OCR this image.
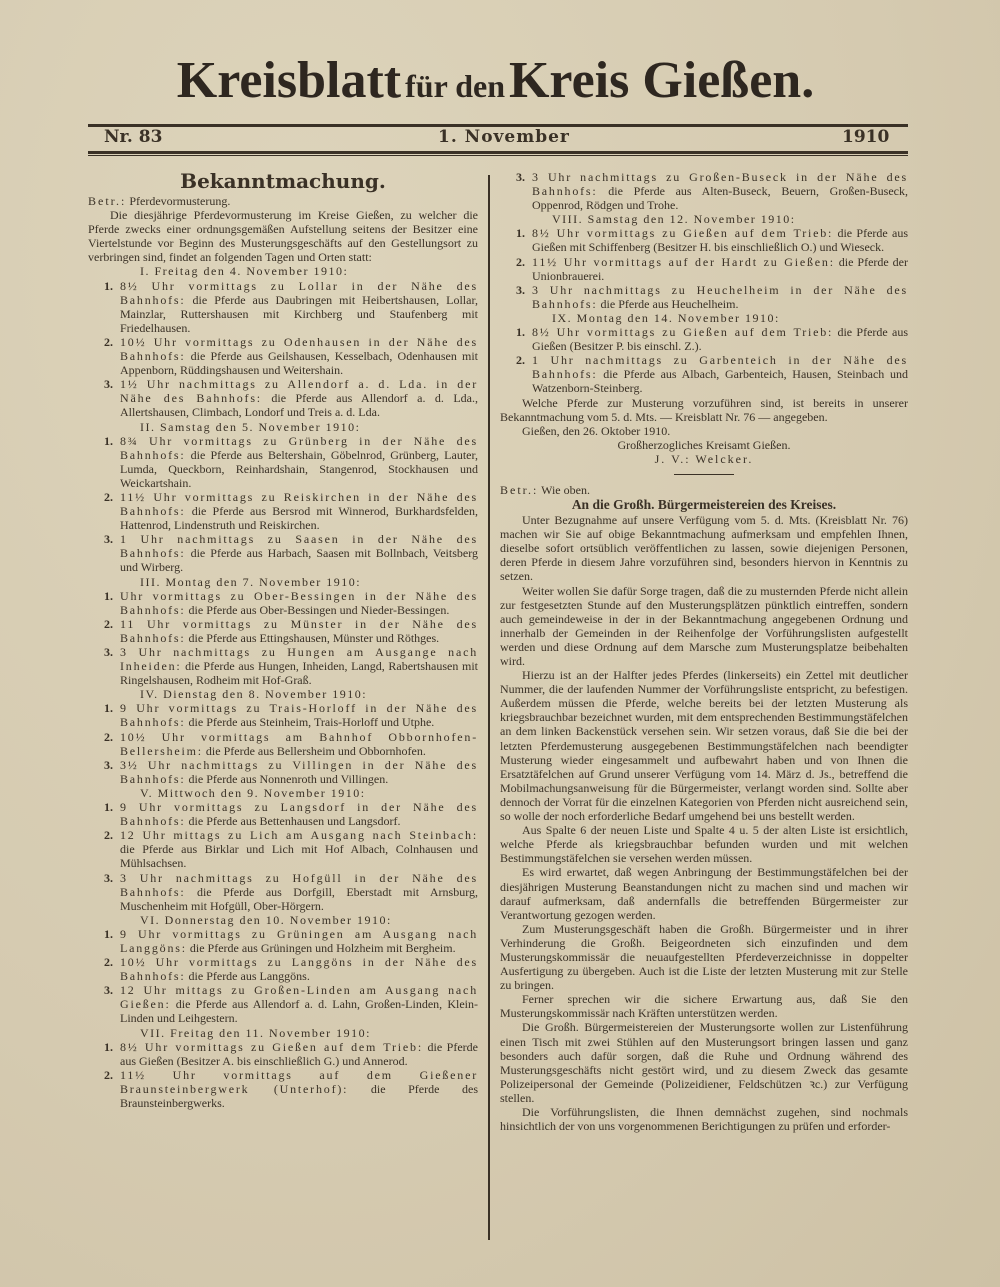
Kreisblatt für den Kreis Gießen.
Nr. 83	1. November	1910
Bekanntmachung.
Betr.: Pferdevormusterung.
Die diesjährige Pferdevormusterung im Kreise Gießen, zu welcher die Pferde zwecks einer ordnungsgemäßen Aufstellung seitens der Besitzer eine Viertelstunde vor Beginn des Musterungsgeschäfts auf den Gestellungsort zu verbringen sind, findet an folgenden Tagen und Orten statt:
I. Freitag den 4. November 1910:
1. 8½ Uhr vormittags zu Lollar in der Nähe des Bahnhofs: die Pferde aus Daubringen mit Heibertshausen, Lollar, Mainzlar, Ruttershausen mit Kirchberg und Staufenberg mit Friedelhausen.
2. 10½ Uhr vormittags zu Odenhausen in der Nähe des Bahnhofs: die Pferde aus Geilshausen, Kesselbach, Odenhausen mit Appenborn, Rüddingshausen und Weitershain.
3. 1½ Uhr nachmittags zu Allendorf a. d. Lda. in der Nähe des Bahnhofs: die Pferde aus Allendorf a. d. Lda., Allertshausen, Climbach, Londorf und Treis a. d. Lda.
II. Samstag den 5. November 1910:
1. 8¾ Uhr vormittags zu Grünberg in der Nähe des Bahnhofs: die Pferde aus Beltershain, Göbelnrod, Grünberg, Lauter, Lumda, Queckborn, Reinhardshain, Stangenrod, Stockhausen und Weickartshain.
2. 11½ Uhr vormittags zu Reiskirchen in der Nähe des Bahnhofs: die Pferde aus Bersrod mit Winnerod, Burkhardsfelden, Hattenrod, Lindenstruth und Reiskirchen.
3. 1 Uhr nachmittags zu Saasen in der Nähe des Bahnhofs: die Pferde aus Harbach, Saasen mit Bollnbach, Veitsberg und Wirberg.
III. Montag den 7. November 1910:
1. Uhr vormittags zu Ober-Bessingen in der Nähe des Bahnhofs: die Pferde aus Ober-Bessingen und Nieder-Bessingen.
2. 11 Uhr vormittags zu Münster in der Nähe des Bahnhofs: die Pferde aus Ettingshausen, Münster und Röthges.
3. 3 Uhr nachmittags zu Hungen am Ausgange nach Inheiden: die Pferde aus Hungen, Inheiden, Langd, Rabertshausen mit Ringelshausen, Rodheim mit Hof-Graß.
IV. Dienstag den 8. November 1910:
1. 9 Uhr vormittags zu Trais-Horloff in der Nähe des Bahnhofs: die Pferde aus Steinheim, Trais-Horloff und Utphe.
2. 10½ Uhr vormittags am Bahnhof Obbornhofen-Bellersheim: die Pferde aus Bellersheim und Obbornhofen.
3. 3½ Uhr nachmittags zu Villingen in der Nähe des Bahnhofs: die Pferde aus Nonnenroth und Villingen.
V. Mittwoch den 9. November 1910:
1. 9 Uhr vormittags zu Langsdorf in der Nähe des Bahnhofs: die Pferde aus Bettenhausen und Langsdorf.
2. 12 Uhr mittags zu Lich am Ausgang nach Steinbach: die Pferde aus Birklar und Lich mit Hof Albach, Colnhausen und Mühlsachsen.
3. 3 Uhr nachmittags zu Hofgüll in der Nähe des Bahnhofs: die Pferde aus Dorfgill, Eberstadt mit Arnsburg, Muschenheim mit Hofgüll, Ober-Hörgern.
VI. Donnerstag den 10. November 1910:
1. 9 Uhr vormittags zu Grüningen am Ausgang nach Langgöns: die Pferde aus Grüningen und Holzheim mit Bergheim.
2. 10½ Uhr vormittags zu Langgöns in der Nähe des Bahnhofs: die Pferde aus Langgöns.
3. 12 Uhr mittags zu Großen-Linden am Ausgang nach Gießen: die Pferde aus Allendorf a. d. Lahn, Großen-Linden, Klein-Linden und Leihgestern.
VII. Freitag den 11. November 1910:
1. 8½ Uhr vormittags zu Gießen auf dem Trieb: die Pferde aus Gießen (Besitzer A. bis einschließlich G.) und Annerod.
2. 11½ Uhr vormittags auf dem Gießener Braunsteinbergwerk (Unterhof): die Pferde des Braunsteinbergwerks.
3. 3 Uhr nachmittags zu Großen-Buseck in der Nähe des Bahnhofs: die Pferde aus Alten-Buseck, Beuern, Großen-Buseck, Oppenrod, Rödgen und Trohe.
VIII. Samstag den 12. November 1910:
1. 8½ Uhr vormittags zu Gießen auf dem Trieb: die Pferde aus Gießen mit Schiffenberg (Besitzer H. bis einschließlich O.) und Wieseck.
2. 11½ Uhr vormittags auf der Hardt zu Gießen: die Pferde der Unionbrauerei.
3. 3 Uhr nachmittags zu Heuchelheim in der Nähe des Bahnhofs: die Pferde aus Heuchelheim.
IX. Montag den 14. November 1910:
1. 8½ Uhr vormittags zu Gießen auf dem Trieb: die Pferde aus Gießen (Besitzer P. bis einschl. Z.).
2. 1 Uhr nachmittags zu Garbenteich in der Nähe des Bahnhofs: die Pferde aus Albach, Garbenteich, Hausen, Steinbach und Watzenborn-Steinberg.
Welche Pferde zur Musterung vorzuführen sind, ist bereits in unserer Bekanntmachung vom 5. d. Mts. — Kreisblatt Nr. 76 — angegeben.
Gießen, den 26. Oktober 1910.
Großherzogliches Kreisamt Gießen.
J. V.: Welcker.
Betr.: Wie oben.
An die Großh. Bürgermeistereien des Kreises.
Unter Bezugnahme auf unsere Verfügung vom 5. d. Mts. (Kreisblatt Nr. 76) machen wir Sie auf obige Bekanntmachung aufmerksam und empfehlen Ihnen, dieselbe sofort ortsüblich veröffentlichen zu lassen, sowie diejenigen Personen, deren Pferde in diesem Jahre vorzuführen sind, besonders hiervon in Kenntnis zu setzen.
Weiter wollen Sie dafür Sorge tragen, daß die zu musternden Pferde nicht allein zur festgesetzten Stunde auf den Musterungsplätzen pünktlich eintreffen, sondern auch gemeindeweise in der in der Bekanntmachung angegebenen Ordnung und innerhalb der Gemeinden in der Reihenfolge der Vorführungslisten aufgestellt werden und diese Ordnung auf dem Marsche zum Musterungsplatze beibehalten wird.
Hierzu ist an der Halfter jedes Pferdes (linkerseits) ein Zettel mit deutlicher Nummer, die der laufenden Nummer der Vorführungsliste entspricht, zu befestigen. Außerdem müssen die Pferde, welche bereits bei der letzten Musterung als kriegsbrauchbar bezeichnet wurden, mit dem entsprechenden Bestimmungstäfelchen an dem linken Backenstück versehen sein. Wir setzen voraus, daß Sie die bei der letzten Pferdemusterung ausgegebenen Bestimmungstäfelchen nach beendigter Musterung wieder eingesammelt und aufbewahrt haben und von Ihnen die Ersatztäfelchen auf Grund unserer Verfügung vom 14. März d. Js., betreffend die Mobilmachungsanweisung für die Bürgermeister, verlangt worden sind. Sollte aber dennoch der Vorrat für die einzelnen Kategorien von Pferden nicht ausreichend sein, so wolle der noch erforderliche Bedarf umgehend bei uns bestellt werden.
Aus Spalte 6 der neuen Liste und Spalte 4 u. 5 der alten Liste ist ersichtlich, welche Pferde als kriegsbrauchbar befunden wurden und mit welchen Bestimmungstäfelchen sie versehen werden müssen.
Es wird erwartet, daß wegen Anbringung der Bestimmungstäfelchen bei der diesjährigen Musterung Beanstandungen nicht zu machen sind und machen wir darauf aufmerksam, daß andernfalls die betreffenden Bürgermeister zur Verantwortung gezogen werden.
Zum Musterungsgeschäft haben die Großh. Bürgermeister und in ihrer Verhinderung die Großh. Beigeordneten sich einzufinden und dem Musterungskommissär die neuaufgestellten Pferdeverzeichnisse in doppelter Ausfertigung zu übergeben. Auch ist die Liste der letzten Musterung mit zur Stelle zu bringen.
Ferner sprechen wir die sichere Erwartung aus, daß Sie den Musterungskommissär nach Kräften unterstützen werden.
Die Großh. Bürgermeistereien der Musterungsorte wollen zur Listenführung einen Tisch mit zwei Stühlen auf den Musterungsort bringen lassen und ganz besonders auch dafür sorgen, daß die Ruhe und Ordnung während des Musterungsgeschäfts nicht gestört wird, und zu diesem Zweck das gesamte Polizeipersonal der Gemeinde (Polizeidiener, Feldschützen ꝛc.) zur Verfügung stellen.
Die Vorführungslisten, die Ihnen demnächst zugehen, sind nochmals hinsichtlich der von uns vorgenommenen Berichtigungen zu prüfen und erforder-
